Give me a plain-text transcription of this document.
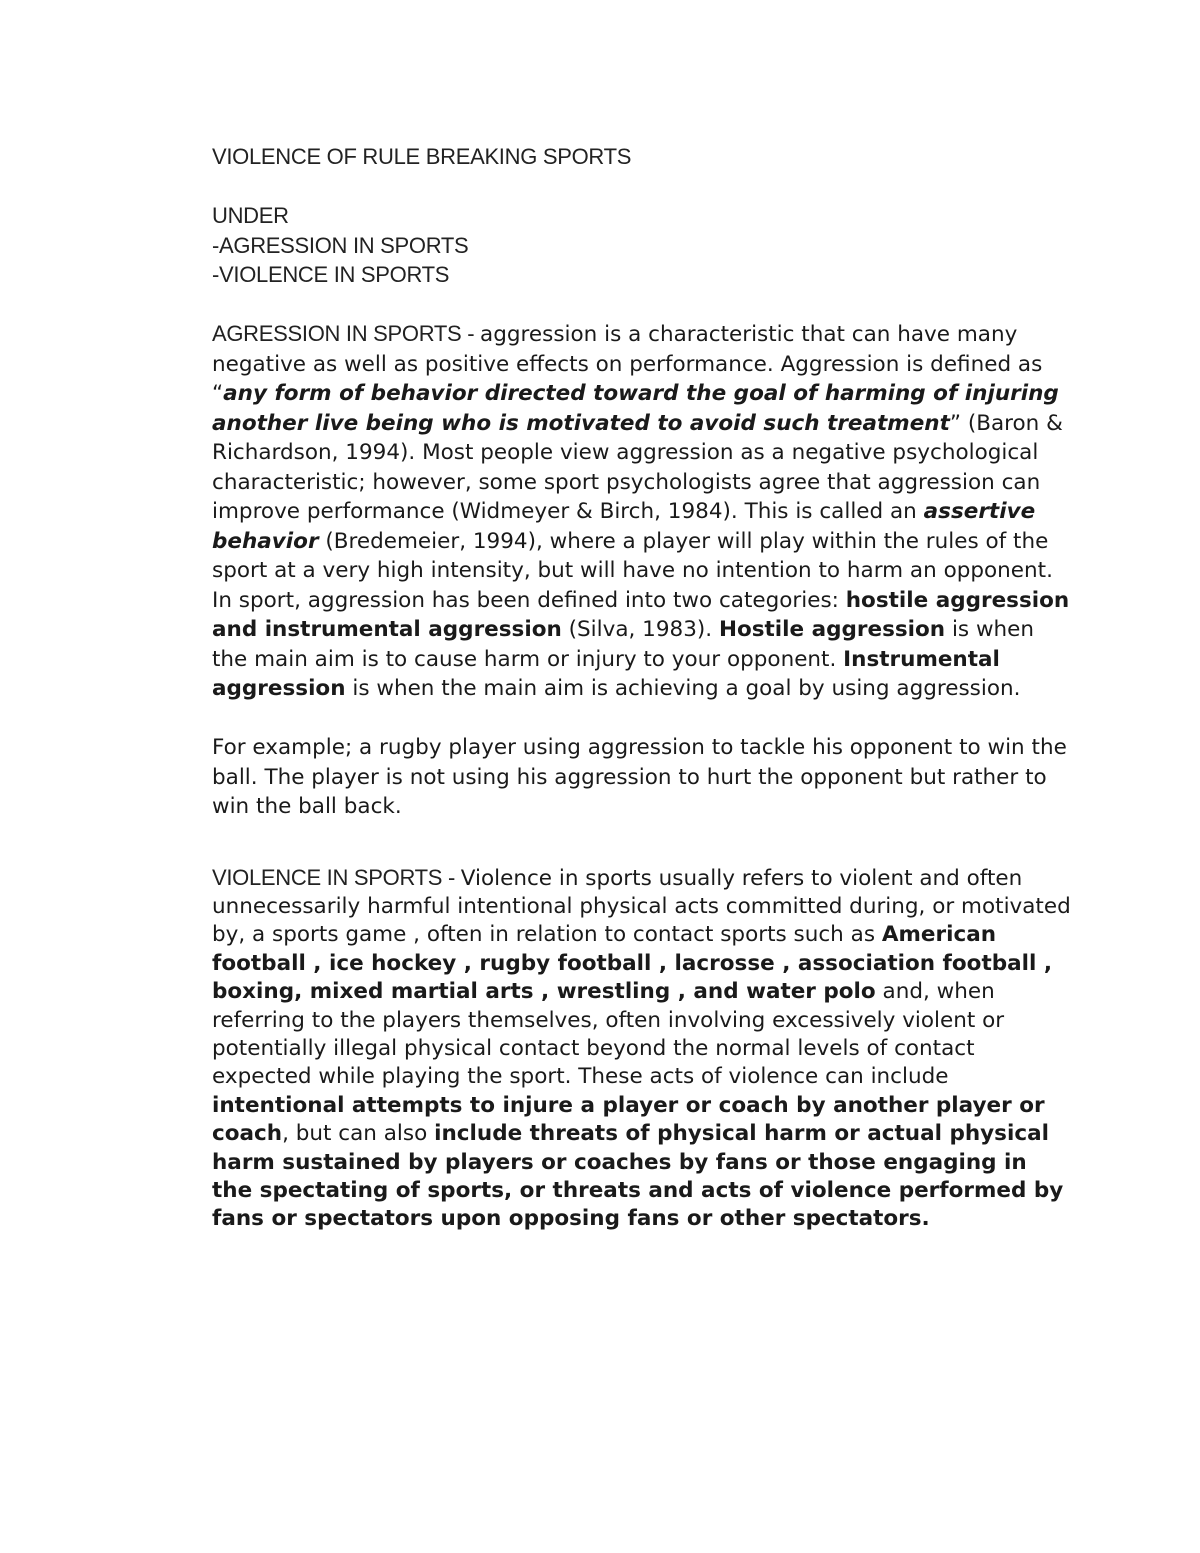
VIOLENCE OF RULE BREAKING SPORTS

UNDER

-AGRESSION IN SPORTS

-VIOLENCE IN SPORTS

AGRESSION IN SPORTS - aggression is a characteristic that can have many negative as well as positive effects on performance. Aggression is defined as “any form of behavior directed toward the goal of harming of injuring another live being who is motivated to avoid such treatment” (Baron & Richardson, 1994). Most people view aggression as a negative psychological characteristic; however, some sport psychologists agree that aggression can improve performance (Widmeyer & Birch, 1984). This is called an assertive behavior (Bredemeier, 1994), where a player will play within the rules of the sport at a very high intensity, but will have no intention to harm an opponent. In sport, aggression has been defined into two categories: hostile aggression and instrumental aggression (Silva, 1983). Hostile aggression is when the main aim is to cause harm or injury to your opponent. Instrumental aggression is when the main aim is achieving a goal by using aggression.

For example; a rugby player using aggression to tackle his opponent to win the ball. The player is not using his aggression to hurt the opponent but rather to win the ball back.

VIOLENCE IN SPORTS - Violence in sports usually refers to violent and often unnecessarily harmful intentional physical acts committed during, or motivated by, a sports game , often in relation to contact sports such as American football , ice hockey , rugby football , lacrosse , association football , boxing, mixed martial arts , wrestling , and water polo and, when referring to the players themselves, often involving excessively violent or potentially illegal physical contact beyond the normal levels of contact expected while playing the sport. These acts of violence can include intentional attempts to injure a player or coach by another player or coach, but can also include threats of physical harm or actual physical harm sustained by players or coaches by fans or those engaging in the spectating of sports, or threats and acts of violence performed by fans or spectators upon opposing fans or other spectators.
